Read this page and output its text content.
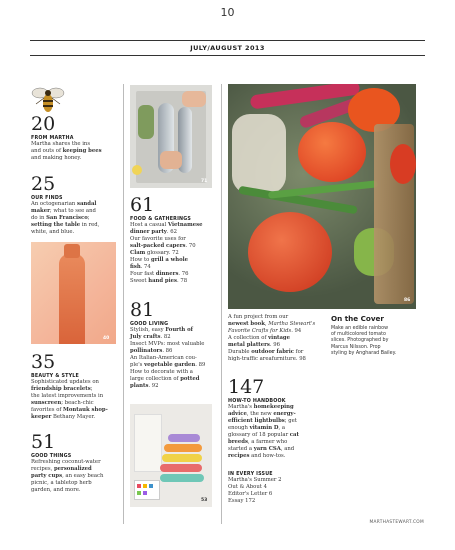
10
JULY/AUGUST 2013
20
FROM MARTHA
Martha shares the ins
and outs of keeping bees
and making honey.
25
OUR FINDS
An octogenarian sandal
maker; what to see and
do in San Francisco;
setting the table in red,
white, and blue.
40
35
BEAUTY & STYLE
Sophisticated updates on
friendship bracelets;
the latest improvements in
sunscreen; beach-chic
favorites of Montauk shop-
keeper Bethany Mayer.
51
GOOD THINGS
Refreshing coconut-water
recipes, personalized
party cups, an easy beach
picnic, a tabletop herb
garden, and more.
71
61
FOOD & GATHERINGS
Host a casual Vietnamese
dinner party. 62
Our favorite uses for
salt-packed capers. 70
Clam glossary. 72
How to grill a whole
fish. 74
Four fast dinners. 76
Sweet hand pies. 78
81
GOOD LIVING
Stylish, easy Fourth of
July crafts. 82
Insect MVPs: most valuable
pollinators. 86
An Italian-American cou-
ple's vegetable garden. 89
How to decorate with a
large collection of potted
plants. 92
53
86
A fun project from our
newest book, Martha Stewart's
Favorite Crafts for Kids. 94
A collection of vintage
metal platters. 96
Durable outdoor fabric for
high-traffic areafurniture. 98
147
HOW-TO HANDBOOK
Martha's homekeeping
advice, the new energy-
efficient lightbulbs; get
enough vitamin D, a
glossary of 18 popular cat
breeds, a farmer who
started a yarn CSA, and
recipes and how-tos.
IN EVERY ISSUE
Martha's Summer 2
Out & About 4
Editor's Letter 6
Essay 172
On the Cover
Make an edible rainbow
of multicolored tomato
slices. Photographed by
Marcus Nilsson. Prop
styling by Angharad Bailey.
MARTHASTEWART.COM
